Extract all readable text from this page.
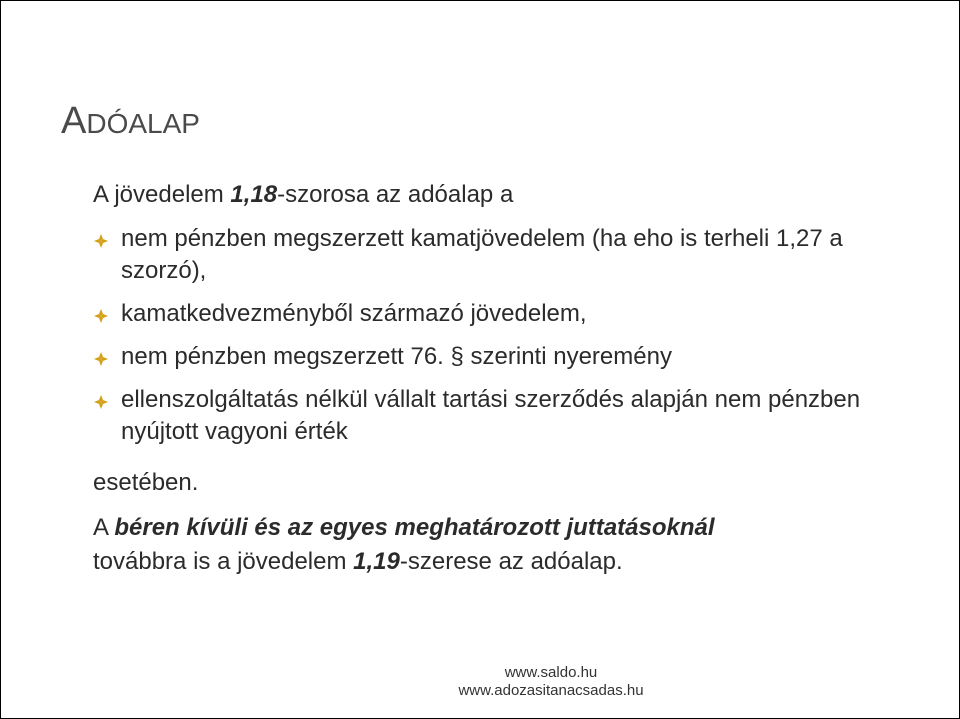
ADÓALAP
A jövedelem 1,18-szorosa az adóalap a
nem pénzben megszerzett kamatjövedelem (ha eho is terheli 1,27 a szorzó),
kamatkedvezményből származó jövedelem,
nem pénzben megszerzett 76. § szerinti nyeremény
ellenszolgáltatás nélkül vállalt tartási szerződés alapján nem pénzben nyújtott vagyoni érték
esetében.
A béren kívüli és az egyes meghatározott juttatásoknál
továbbra is a jövedelem 1,19-szerese az adóalap.
www.saldo.hu
www.adozasitanacsadas.hu
